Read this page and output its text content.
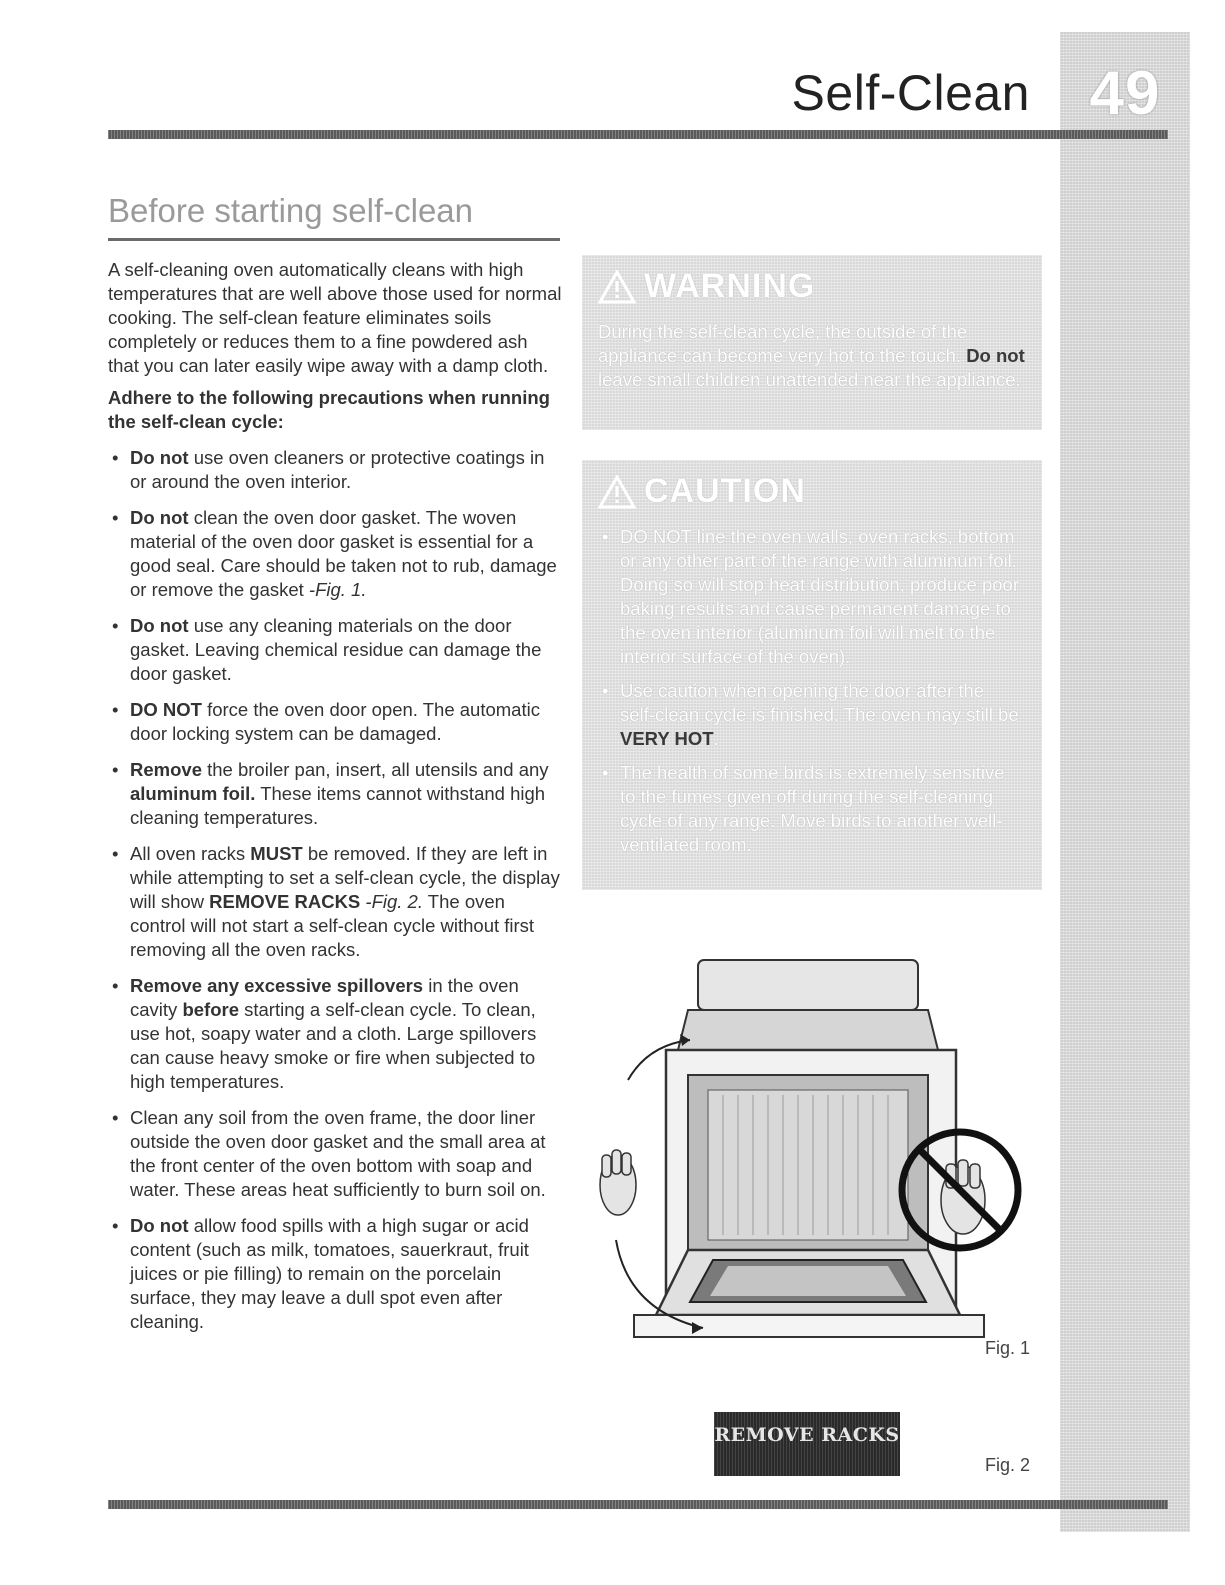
49
Self-Clean
Before starting self-clean

A self-cleaning oven automatically cleans with high temperatures that are well above those used for normal cooking. The self-clean feature eliminates soils completely or reduces them to a fine powdered ash that you can later easily wipe away with a damp cloth.

Adhere to the following precautions when running the self-clean cycle:

• Do not use oven cleaners or protective coatings in or around the oven interior.
• Do not clean the oven door gasket. The woven material of the oven door gasket is essential for a good seal. Care should be taken not to rub, damage or remove the gasket -Fig. 1.
• Do not use any cleaning materials on the door gasket. Leaving chemical residue can damage the door gasket.
• DO NOT force the oven door open. The automatic door locking system can be damaged.
• Remove the broiler pan, insert, all utensils and any aluminum foil. These items cannot withstand high cleaning temperatures.
• All oven racks MUST be removed. If they are left in while attempting to set a self-clean cycle, the display will show REMOVE RACKS -Fig. 2. The oven control will not start a self-clean cycle without first removing all the oven racks.
• Remove any excessive spillovers in the oven cavity before starting a self-clean cycle. To clean, use hot, soapy water and a cloth. Large spillovers can cause heavy smoke or fire when subjected to high temperatures.
• Clean any soil from the oven frame, the door liner outside the oven door gasket and the small area at the front center of the oven bottom with soap and water. These areas heat sufficiently to burn soil on.
• Do not allow food spills with a high sugar or acid content (such as milk, tomatoes, sauerkraut, fruit juices or pie filling) to remain on the porcelain surface, they may leave a dull spot even after cleaning.
WARNING
During the self-clean cycle, the outside of the appliance can become very hot to the touch. Do not leave small children unattended near the appliance.
CAUTION
• DO NOT line the oven walls, oven racks, bottom or any other part of the range with aluminum foil. Doing so will stop heat distribution, produce poor baking results and cause permanent damage to the oven interior (aluminum foil will melt to the interior surface of the oven).
• Use caution when opening the door after the self-clean cycle is finished. The oven may still be VERY HOT.
• The health of some birds is extremely sensitive to the fumes given off during the self-cleaning cycle of any range. Move birds to another well-ventilated room.
Fig. 1
REMOVE RACKS
Fig. 2
